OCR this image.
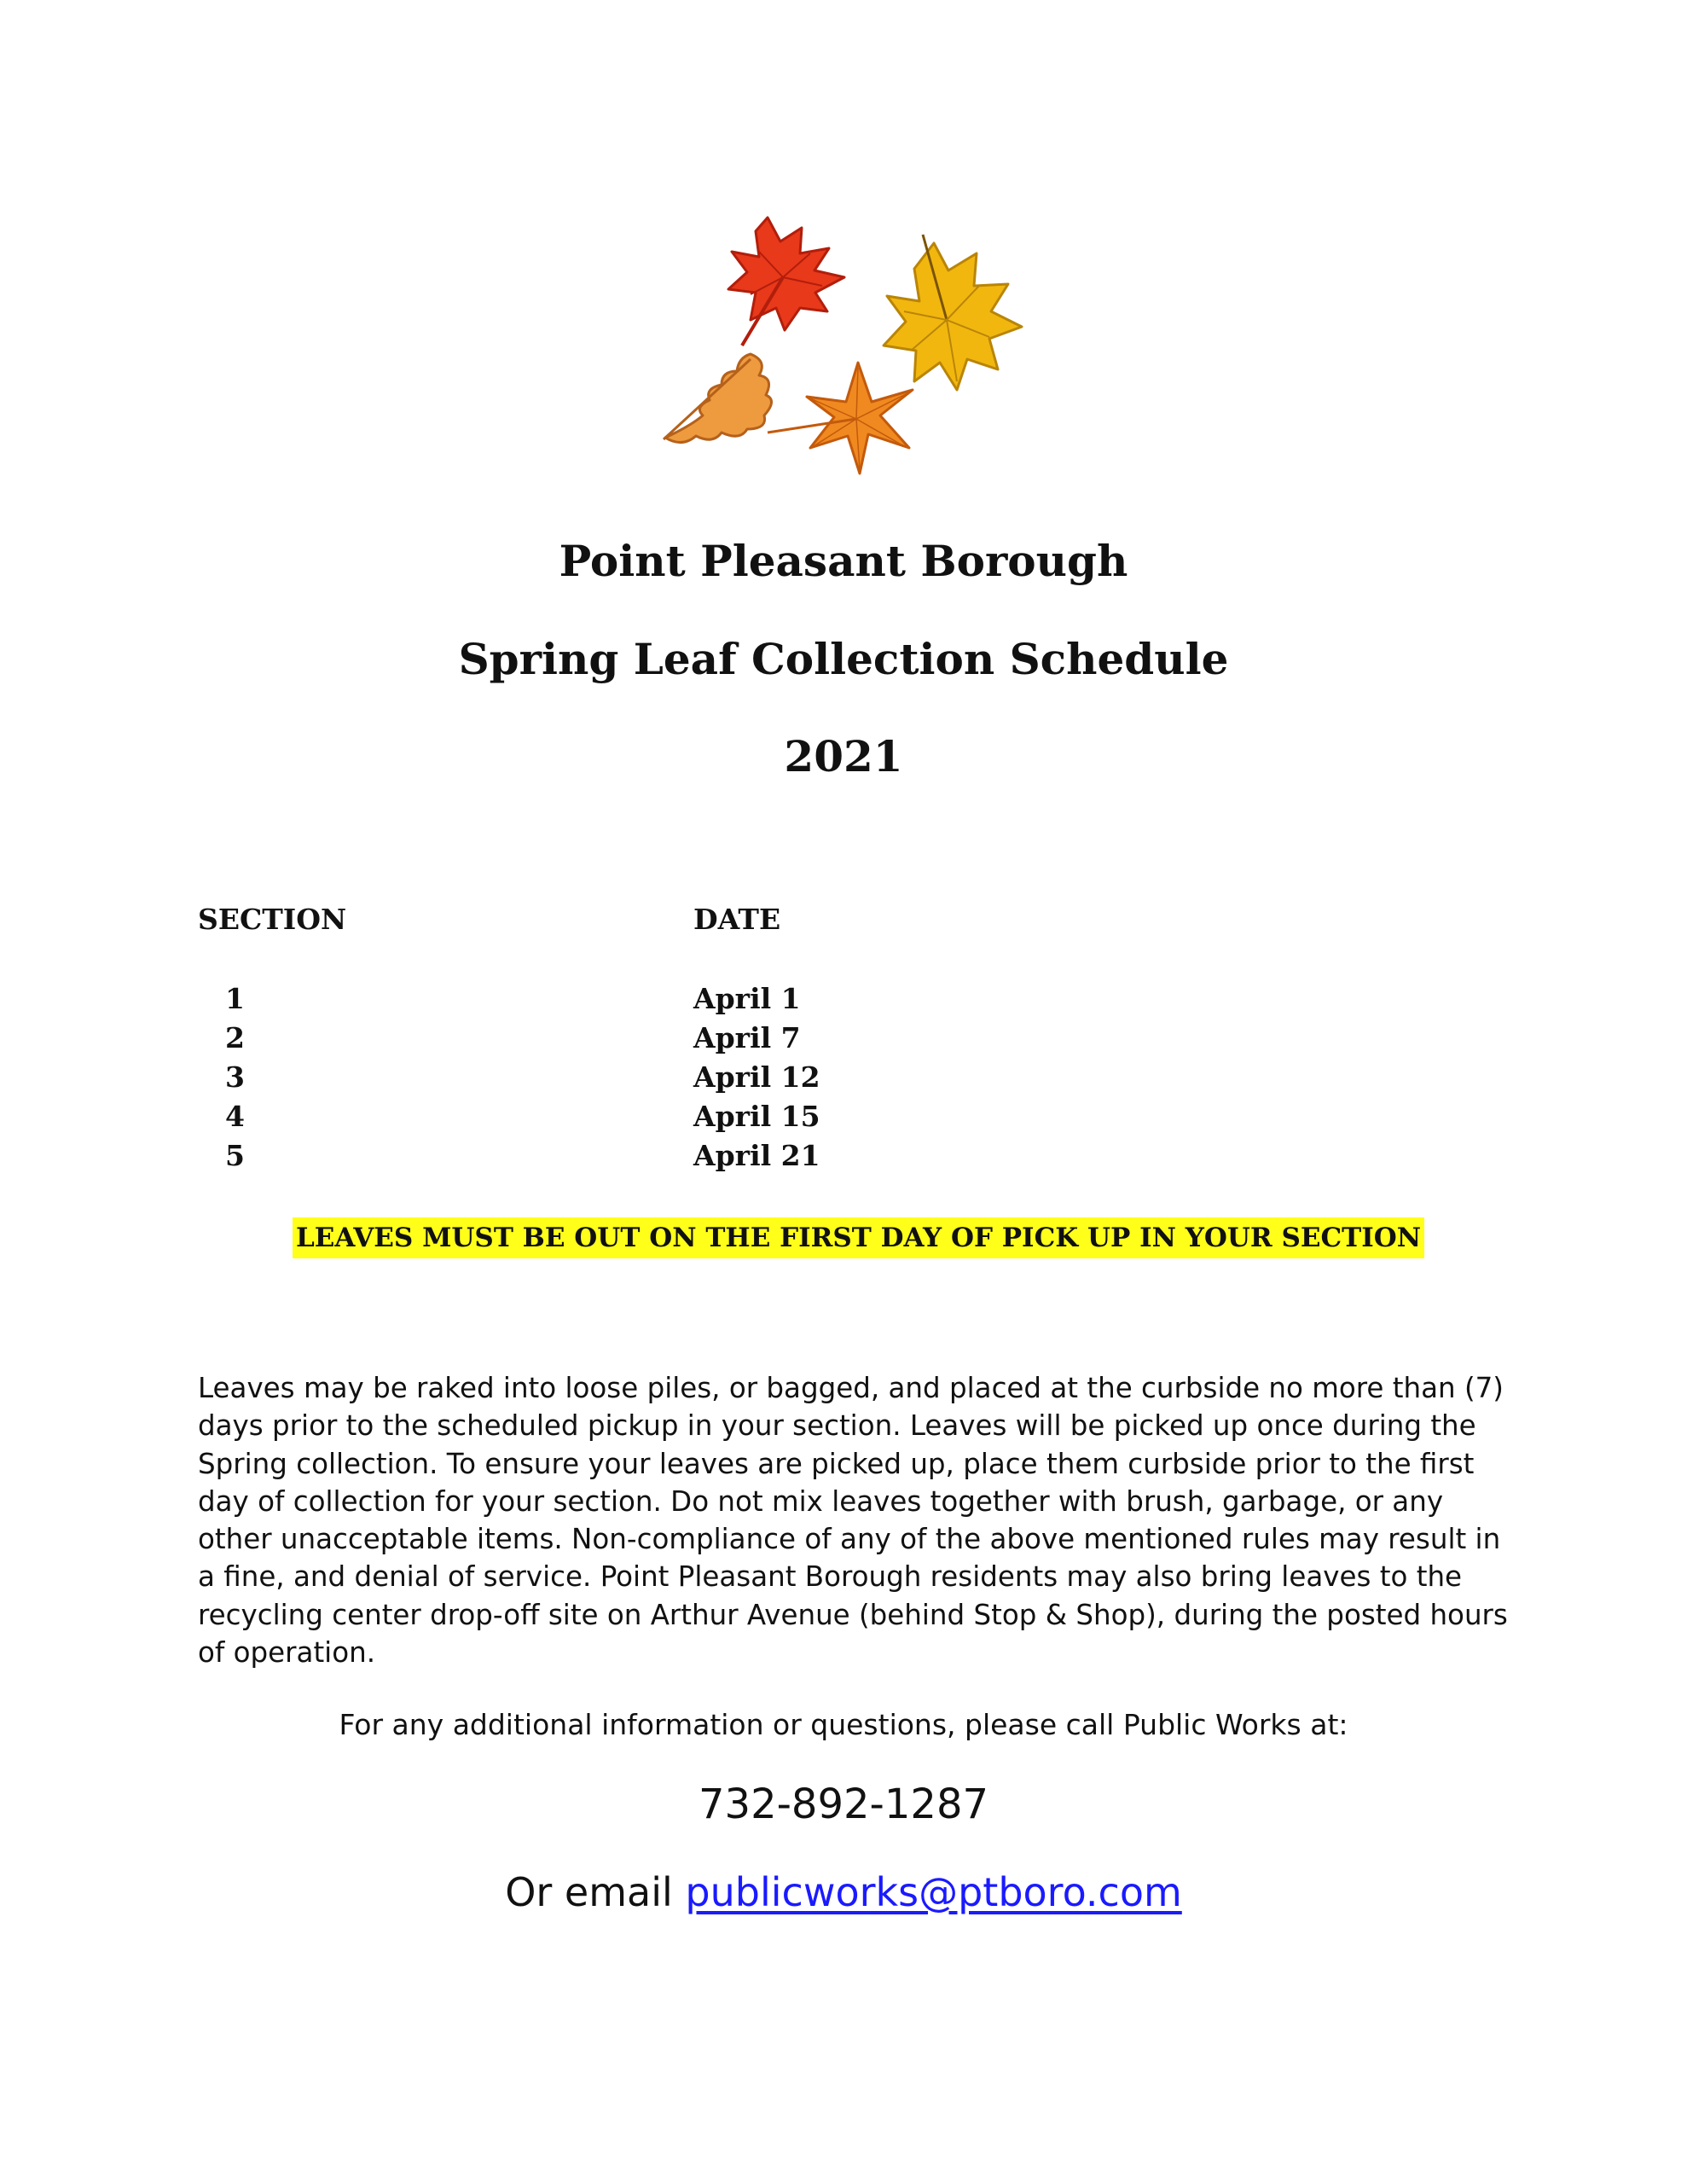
Point Pleasant Borough
Spring Leaf Collection Schedule
2021
SECTION	DATE
1	April 1
2	April 7
3	April 12
4	April 15
5	April 21
LEAVES MUST BE OUT ON THE FIRST DAY OF PICK UP IN YOUR SECTION
Leaves may be raked into loose piles, or bagged, and placed at the curbside no more than (7) days prior to the scheduled pickup in your section. Leaves will be picked up once during the Spring collection. To ensure your leaves are picked up, place them curbside prior to the first day of collection for your section. Do not mix leaves together with brush, garbage, or any other unacceptable items. Non-compliance of any of the above mentioned rules may result in a fine, and denial of service. Point Pleasant Borough residents may also bring leaves to the recycling center drop-off site on Arthur Avenue (behind Stop & Shop), during the posted hours of operation.
For any additional information or questions, please call Public Works at:
732-892-1287
Or email publicworks@ptboro.com
